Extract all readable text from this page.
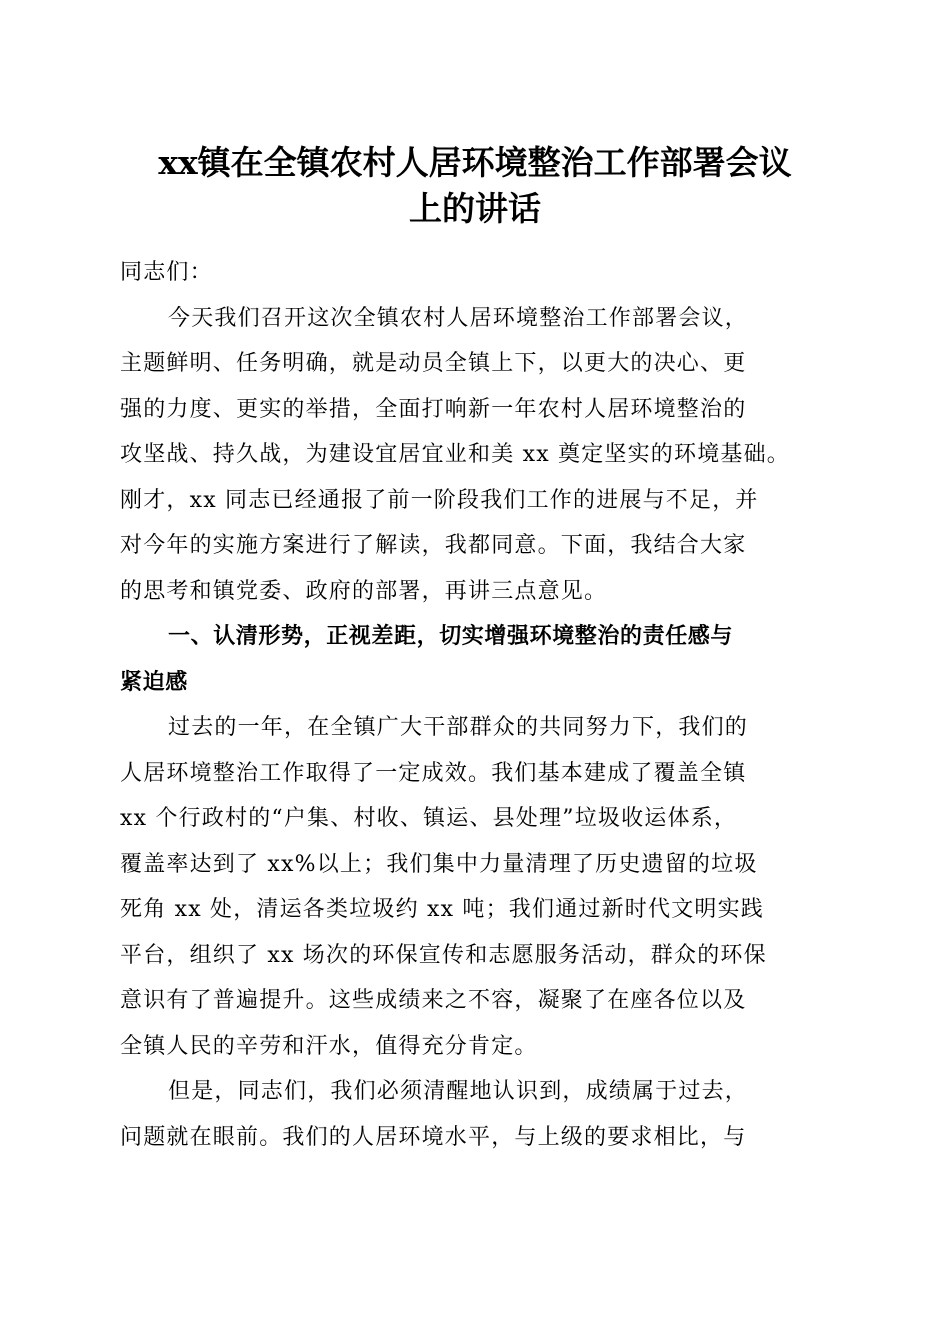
xx镇在全镇农村人居环境整治工作部署会议
上的讲话
同志们：
今天我们召开这次全镇农村人居环境整治工作部署会议，
主题鲜明、任务明确，就是动员全镇上下，以更大的决心、更
强的力度、更实的举措，全面打响新一年农村人居环境整治的
攻坚战、持久战，为建设宜居宜业和美 xx 奠定坚实的环境基础。
刚才，xx 同志已经通报了前一阶段我们工作的进展与不足，并
对今年的实施方案进行了解读，我都同意。下面，我结合大家
的思考和镇党委、政府的部署，再讲三点意见。
一、认清形势，正视差距，切实增强环境整治的责任感与
紧迫感
过去的一年，在全镇广大干部群众的共同努力下，我们的
人居环境整治工作取得了一定成效。我们基本建成了覆盖全镇
xx 个行政村的“户集、村收、镇运、县处理”垃圾收运体系，
覆盖率达到了 xx%以上；我们集中力量清理了历史遗留的垃圾
死角 xx 处，清运各类垃圾约 xx 吨；我们通过新时代文明实践
平台，组织了 xx 场次的环保宣传和志愿服务活动，群众的环保
意识有了普遍提升。这些成绩来之不容，凝聚了在座各位以及
全镇人民的辛劳和汗水，值得充分肯定。
但是，同志们，我们必须清醒地认识到，成绩属于过去，
问题就在眼前。我们的人居环境水平，与上级的要求相比，与
